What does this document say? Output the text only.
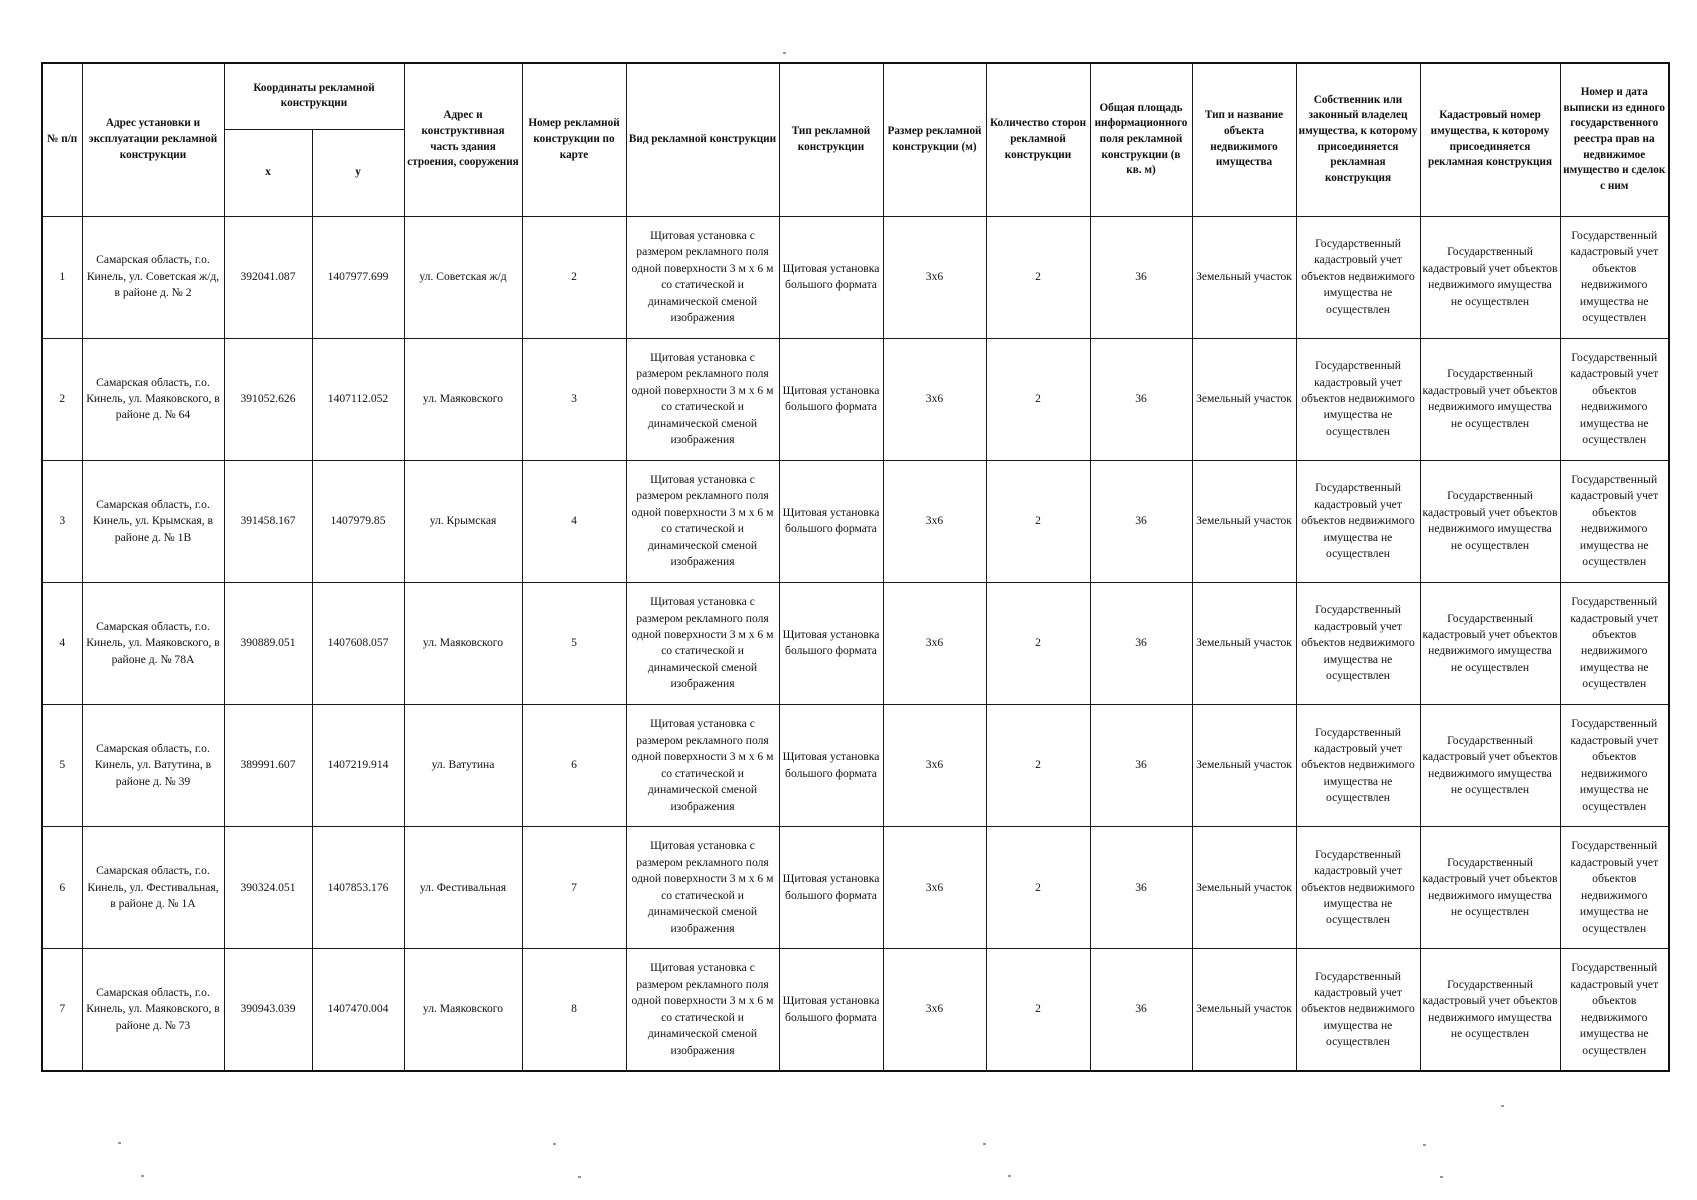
№ п/п	Адрес установки и эксплуатации рекламной конструкции	Координаты рекламной конструкции		Адрес и конструктивная часть здания строения, сооружения	Номер рекламной конструкции по карте	Вид рекламной конструкции	Тип рекламной конструкции	Размер рекламной конструкции (м)	Количество сторон рекламной конструкции	Общая площадь информационного поля рекламной конструкции (в кв. м)	Тип и название объекта недвижимого имущества	Собственник или законный владелец имущества, к которому присоединяется рекламная конструкция	Кадастровый номер имущества, к которому присоединяется рекламная конструкция	Номер и дата выписки из единого государственного реестра прав на недвижимое имущество и сделок с ним
		x	y											
1	Самарская область, г.о. Кинель, ул. Советская ж/д, в районе д. № 2	392041.087	1407977.699	ул. Советская ж/д	2	Щитовая установка с размером рекламного поля одной поверхности 3 м х 6 м со статической и динамической сменой изображения	Щитовая установка большого формата	3х6	2	36	Земельный участок	Государственный кадастровый учет объектов недвижимого имущества не осуществлен	Государственный кадастровый учет объектов недвижимого имущества не осуществлен	Государственный кадастровый учет объектов недвижимого имущества не осуществлен
2	Самарская область, г.о. Кинель, ул. Маяковского, в районе д. № 64	391052.626	1407112.052	ул. Маяковского	3	Щитовая установка с размером рекламного поля одной поверхности 3 м х 6 м со статической и динамической сменой изображения	Щитовая установка большого формата	3х6	2	36	Земельный участок	Государственный кадастровый учет объектов недвижимого имущества не осуществлен	Государственный кадастровый учет объектов недвижимого имущества не осуществлен	Государственный кадастровый учет объектов недвижимого имущества не осуществлен
3	Самарская область, г.о. Кинель, ул. Крымская, в районе д. № 1В	391458.167	1407979.85	ул. Крымская	4	Щитовая установка с размером рекламного поля одной поверхности 3 м х 6 м со статической и динамической сменой изображения	Щитовая установка большого формата	3х6	2	36	Земельный участок	Государственный кадастровый учет объектов недвижимого имущества не осуществлен	Государственный кадастровый учет объектов недвижимого имущества не осуществлен	Государственный кадастровый учет объектов недвижимого имущества не осуществлен
4	Самарская область, г.о. Кинель, ул. Маяковского, в районе д. № 78А	390889.051	1407608.057	ул. Маяковского	5	Щитовая установка с размером рекламного поля одной поверхности 3 м х 6 м со статической и динамической сменой изображения	Щитовая установка большого формата	3х6	2	36	Земельный участок	Государственный кадастровый учет объектов недвижимого имущества не осуществлен	Государственный кадастровый учет объектов недвижимого имущества не осуществлен	Государственный кадастровый учет объектов недвижимого имущества не осуществлен
5	Самарская область, г.о. Кинель, ул. Ватутина, в районе д. № 39	389991.607	1407219.914	ул. Ватутина	6	Щитовая установка с размером рекламного поля одной поверхности 3 м х 6 м со статической и динамической сменой изображения	Щитовая установка большого формата	3х6	2	36	Земельный участок	Государственный кадастровый учет объектов недвижимого имущества не осуществлен	Государственный кадастровый учет объектов недвижимого имущества не осуществлен	Государственный кадастровый учет объектов недвижимого имущества не осуществлен
6	Самарская область, г.о. Кинель, ул. Фестивальная, в районе д. № 1А	390324.051	1407853.176	ул. Фестивальная	7	Щитовая установка с размером рекламного поля одной поверхности 3 м х 6 м со статической и динамической сменой изображения	Щитовая установка большого формата	3х6	2	36	Земельный участок	Государственный кадастровый учет объектов недвижимого имущества не осуществлен	Государственный кадастровый учет объектов недвижимого имущества не осуществлен	Государственный кадастровый учет объектов недвижимого имущества не осуществлен
7	Самарская область, г.о. Кинель, ул. Маяковского, в районе д. № 73	390943.039	1407470.004	ул. Маяковского	8	Щитовая установка с размером рекламного поля одной поверхности 3 м х 6 м со статической и динамической сменой изображения	Щитовая установка большого формата	3х6	2	36	Земельный участок	Государственный кадастровый учет объектов недвижимого имущества не осуществлен	Государственный кадастровый учет объектов недвижимого имущества не осуществлен	Государственный кадастровый учет объектов недвижимого имущества не осуществлен
